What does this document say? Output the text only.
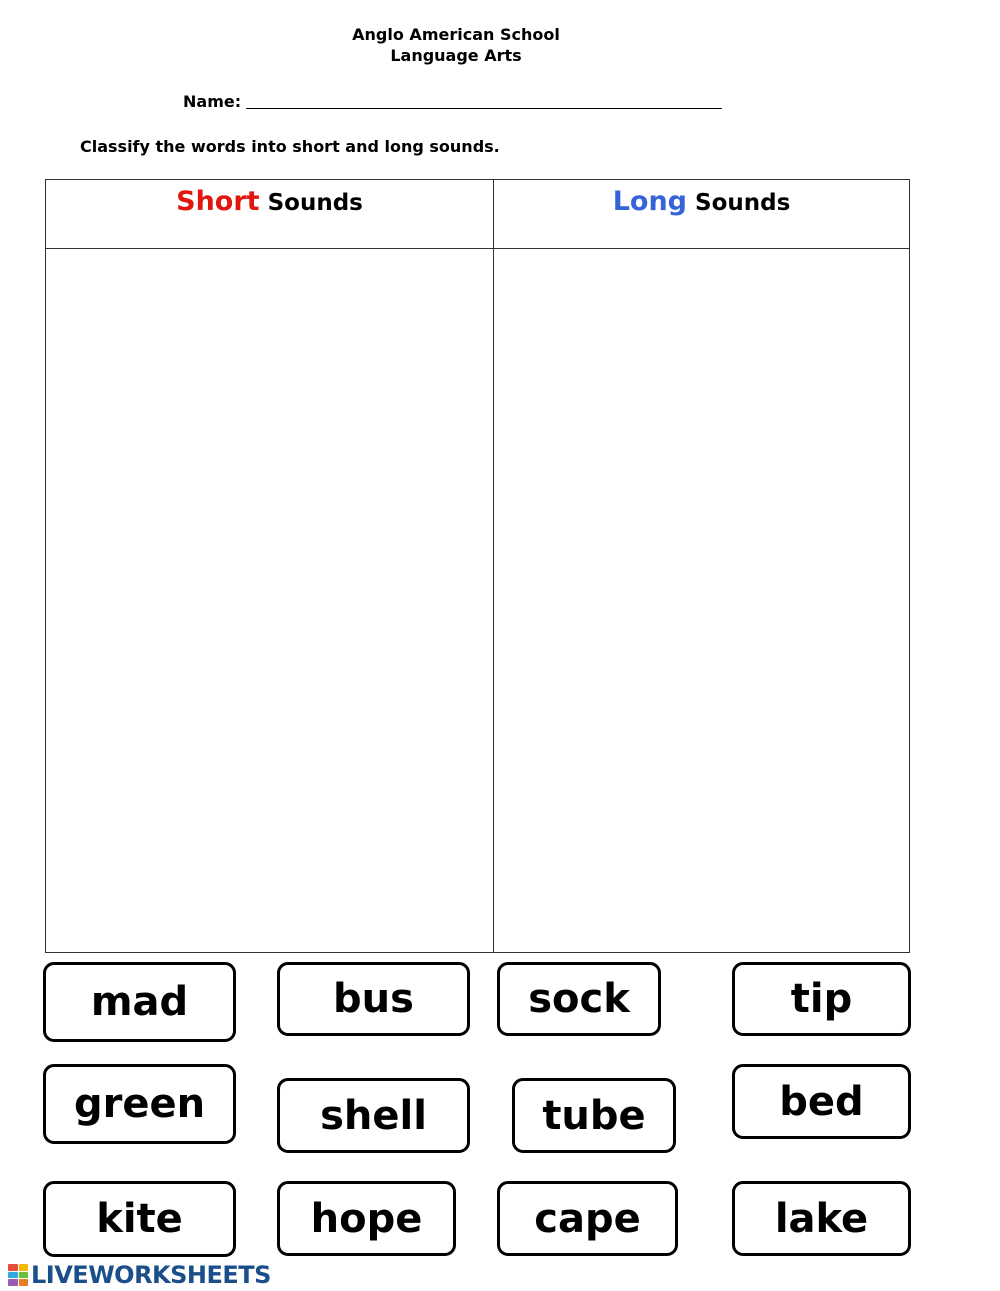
Anglo American School
Language Arts
Name:
Classify the words into short and long sounds.
Short Sounds	Long Sounds
mad	bus	sock	tip
green	shell	tube	bed
kite	hope	cape	lake
LIVEWORKSHEETS
